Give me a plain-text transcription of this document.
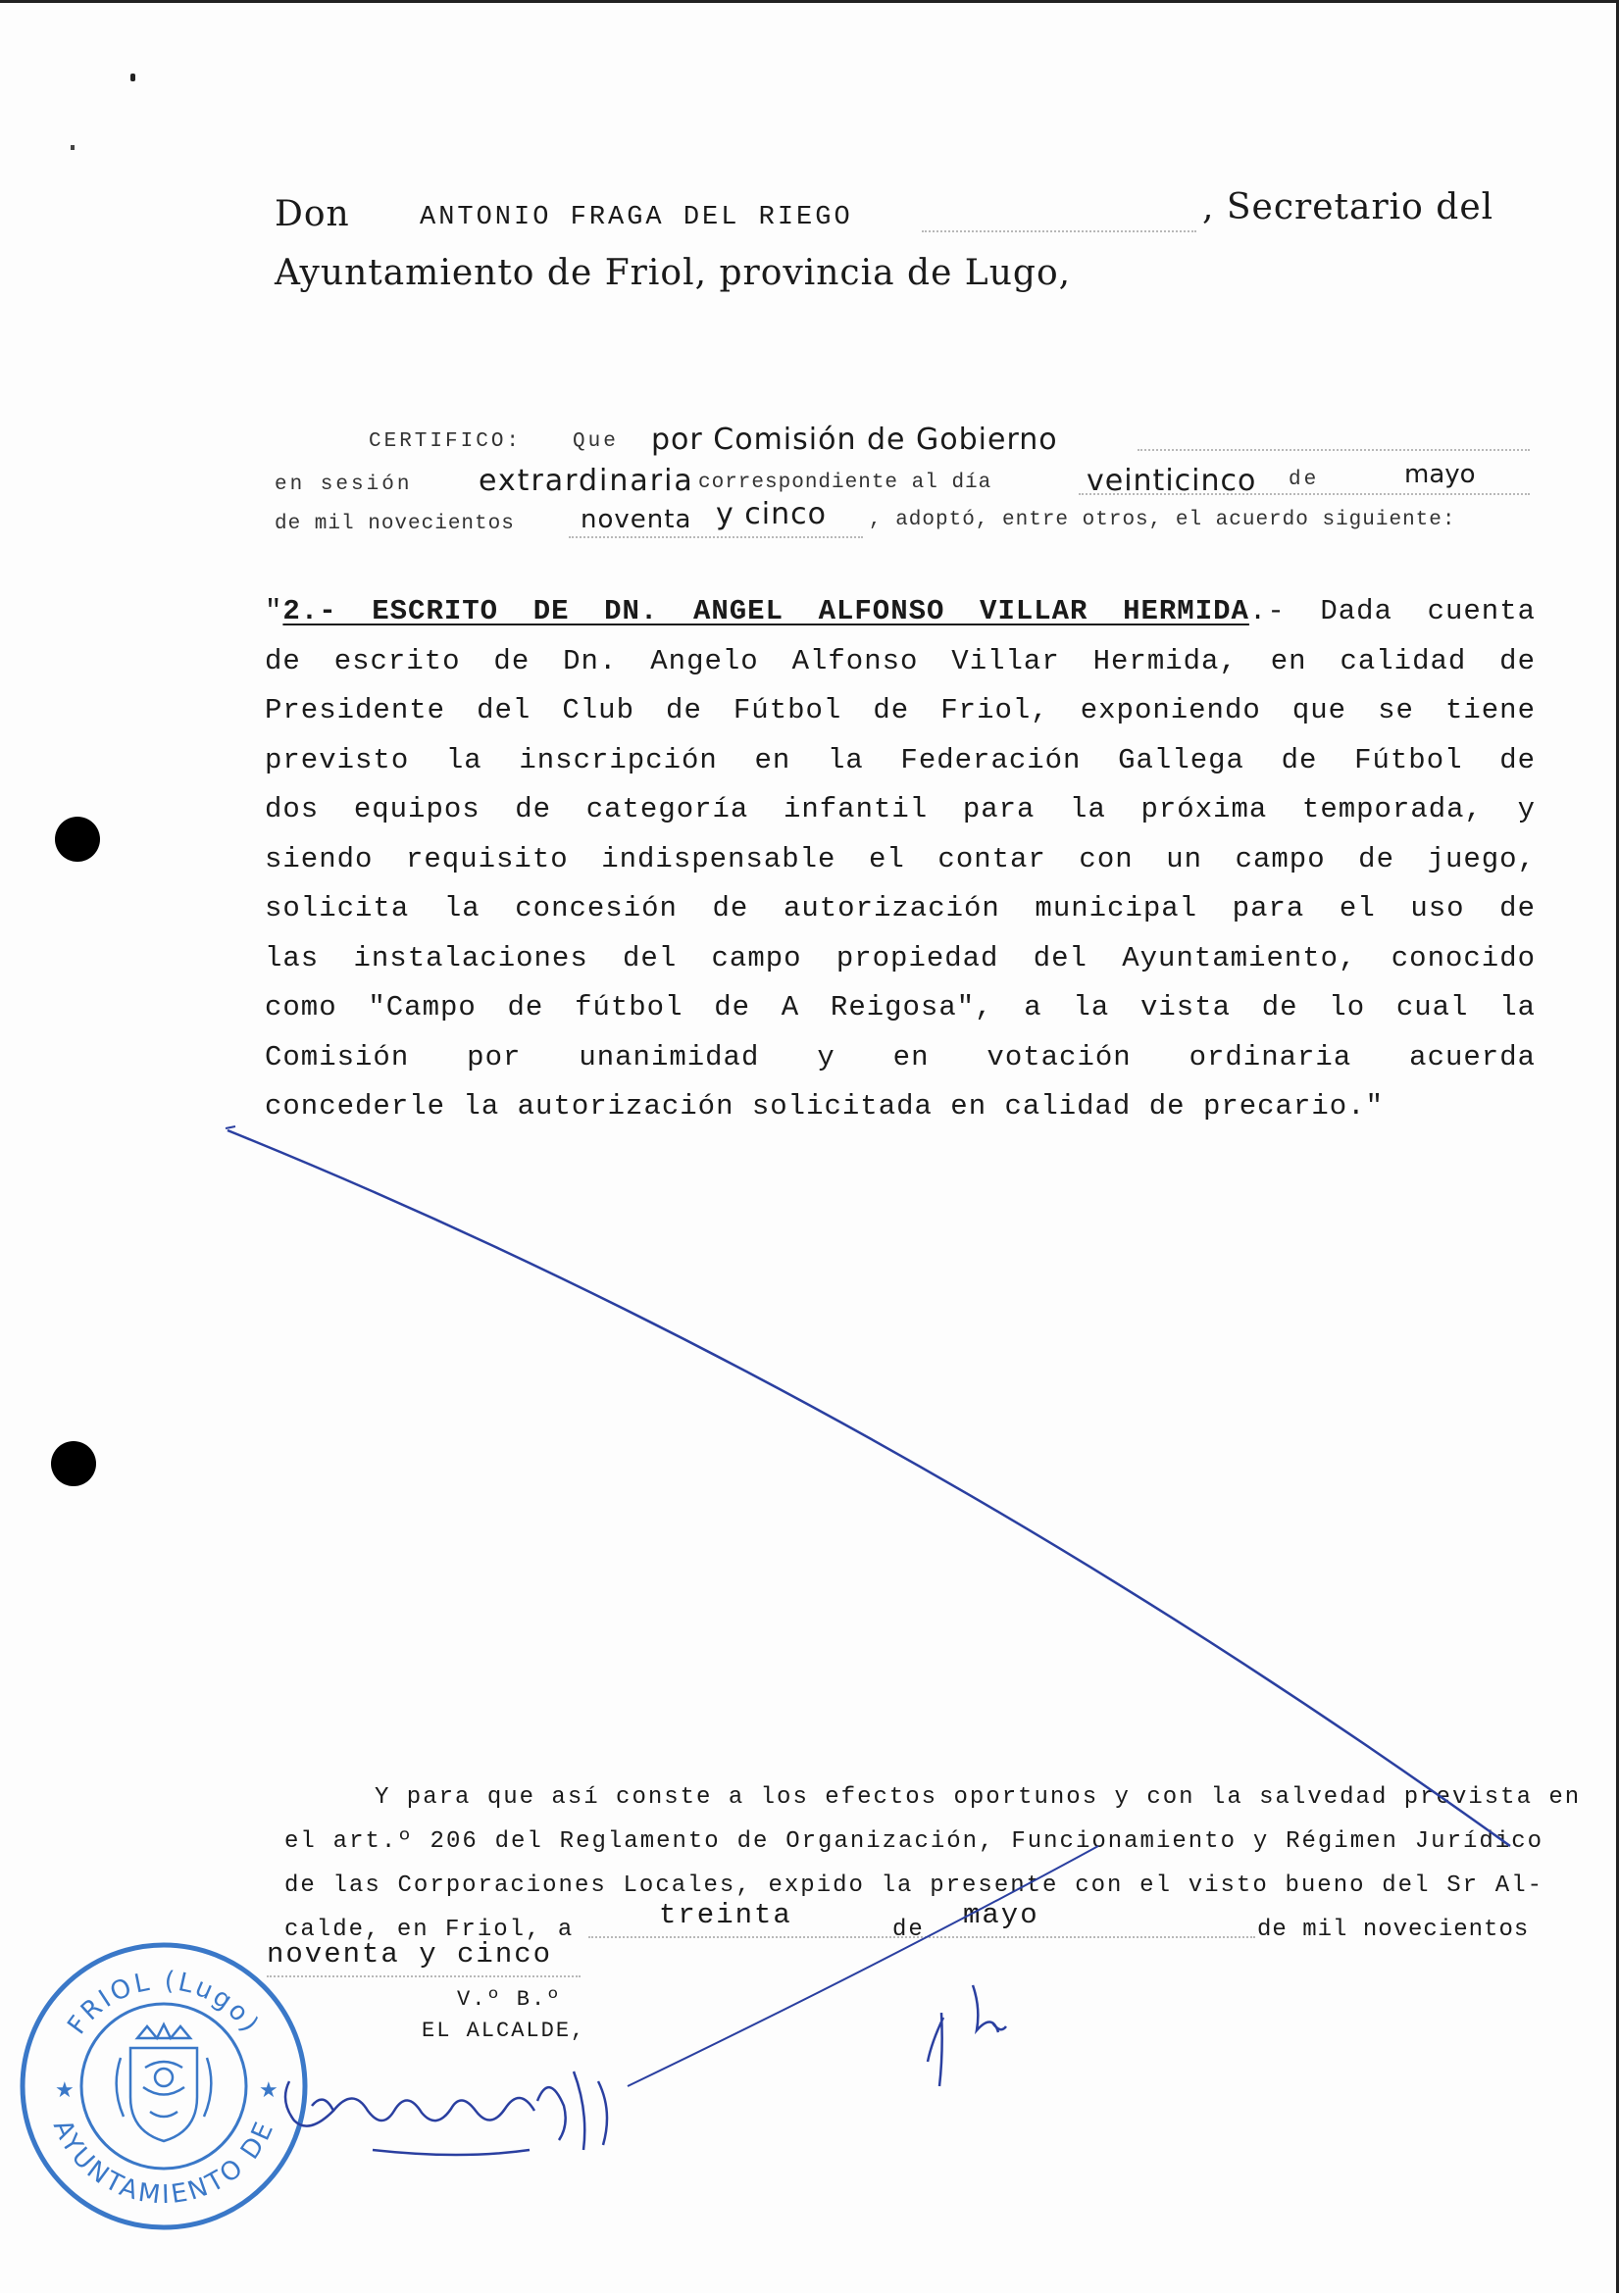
Don	ANTONIO FRAGA DEL RIEGO	, Secretario del
Ayuntamiento de Friol, provincia de Lugo,
CERTIFICO: Que por Comisión de Gobierno
en sesión extrardinaria correspondiente al día	veinticinco de	mayo
de mil novecientos	noventa y cinco , adoptó, entre otros, el acuerdo siguiente:
"2.- ESCRITO DE DN. ANGEL ALFONSO VILLAR HERMIDA.- Dada cuenta
de escrito de Dn. Angelo Alfonso Villar Hermida, en calidad de
Presidente del Club de Fútbol de Friol, exponiendo que se tiene
previsto la inscripción en la Federación Gallega de Fútbol de
dos equipos de categoría infantil para la próxima temporada, y
siendo requisito indispensable el contar con un campo de juego,
solicita la concesión de autorización municipal para el uso de
las instalaciones del campo propiedad del Ayuntamiento, conocido
como "Campo de fútbol de A Reigosa", a la vista de lo cual la
Comisión por unanimidad y en votación ordinaria acuerda
concederle la autorización solicitada en calidad de precario."
Y para que así conste a los efectos oportunos y con la salvedad prevista en
el art.º 206 del Reglamento de Organización, Funcionamiento y Régimen Jurídico
de las Corporaciones Locales, expido la presente con el visto bueno del Sr Al-
calde, en Friol, a	treinta	de mayo	de mil novecientos
noventa y cinco
V.º B.º
EL ALCALDE,
FRIOL (Lugo)
AYUNTAMIENTO DE
★	★
